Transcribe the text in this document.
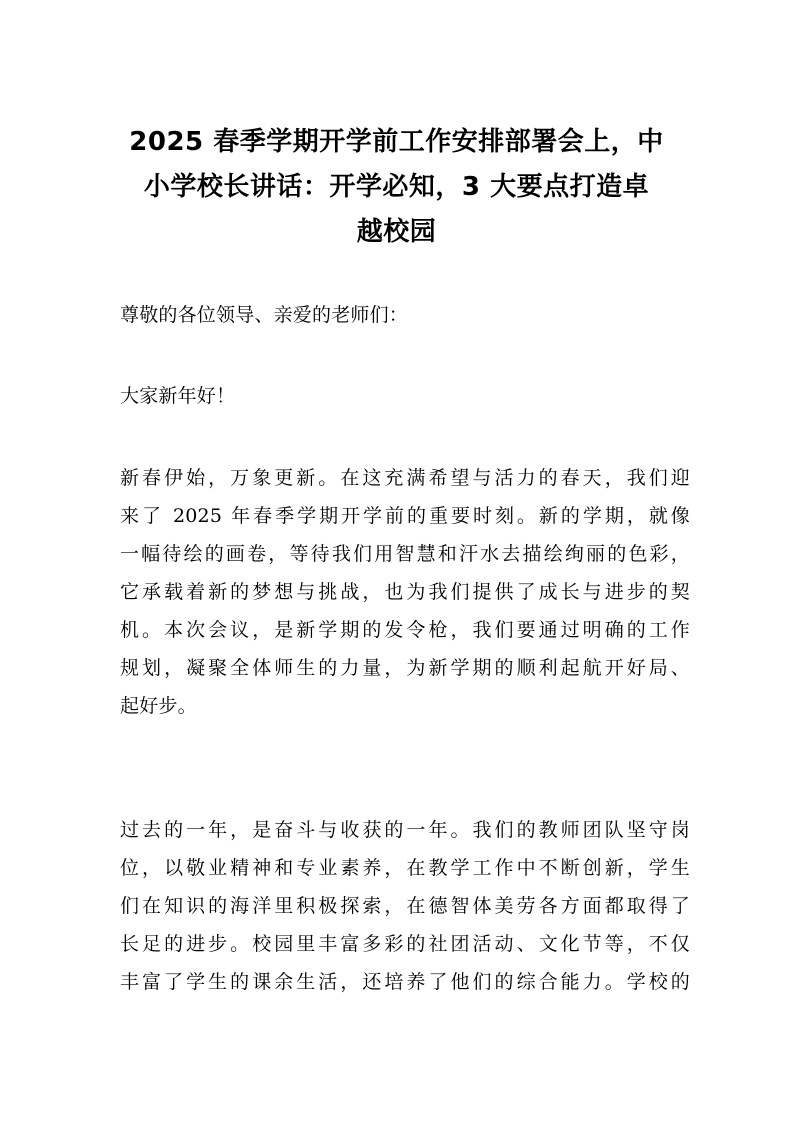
2025 春季学期开学前工作安排部署会上，中
小学校长讲话：开学必知，3 大要点打造卓
越校园

尊敬的各位领导、亲爱的老师们：

大家新年好！

新春伊始，万象更新。在这充满希望与活力的春天，我们迎
来了 2025 年春季学期开学前的重要时刻。新的学期，就像
一幅待绘的画卷，等待我们用智慧和汗水去描绘绚丽的色彩，
它承载着新的梦想与挑战，也为我们提供了成长与进步的契
机。本次会议，是新学期的发令枪，我们要通过明确的工作
规划，凝聚全体师生的力量，为新学期的顺利起航开好局、
起好步。

过去的一年，是奋斗与收获的一年。我们的教师团队坚守岗
位，以敬业精神和专业素养，在教学工作中不断创新，学生
们在知识的海洋里积极探索，在德智体美劳各方面都取得了
长足的进步。校园里丰富多彩的社团活动、文化节等，不仅
丰富了学生的课余生活，还培养了他们的综合能力。学校的
